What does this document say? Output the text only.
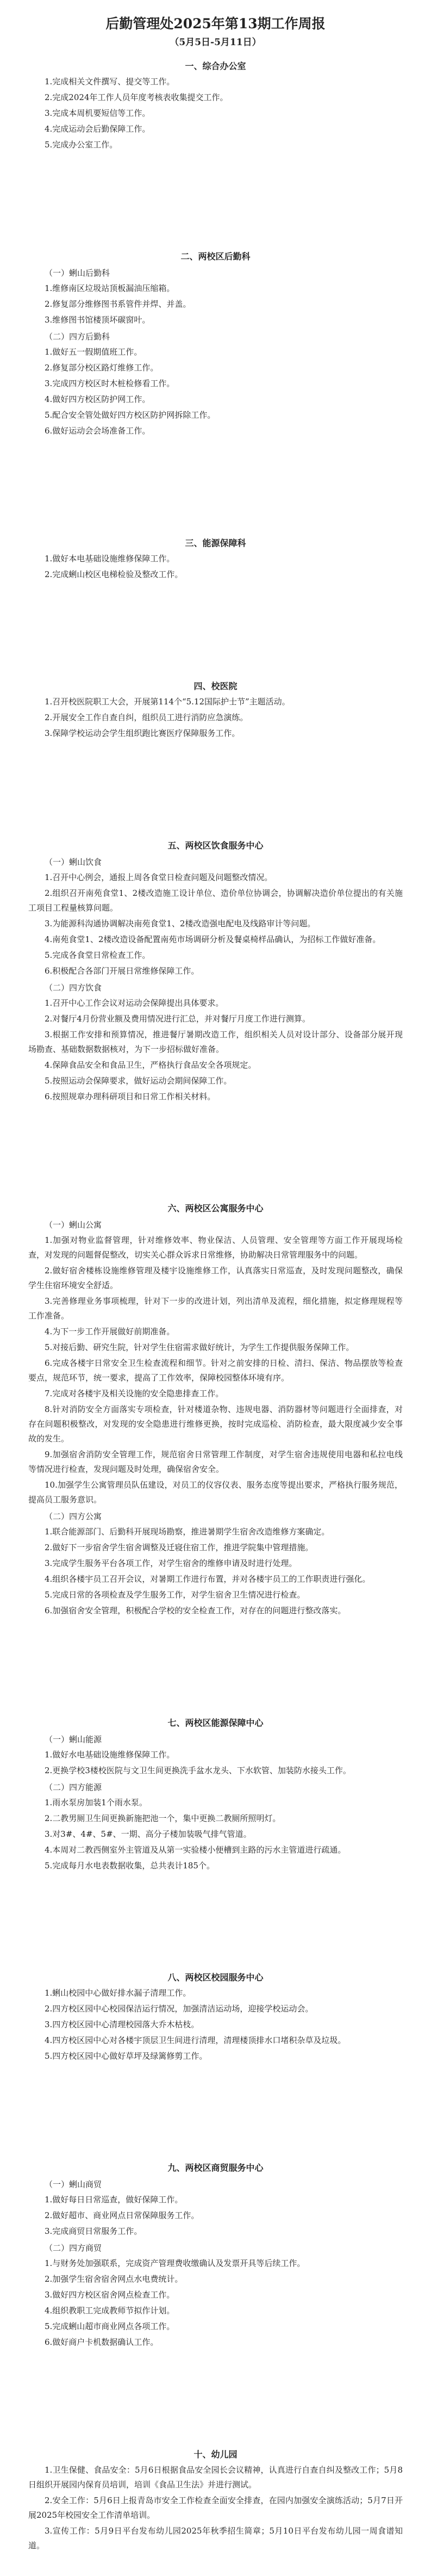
后勤管理处2025年第13期工作周报
（5月5日-5月11日）
一、综合办公室

1.完成相关文件撰写、提交等工作。

2.完成2024年工作人员年度考核表收集提交工作。

3.完成本周机要短信等工作。

4.完成运动会后勤保障工作。

5.完成办公室工作。

二、两校区后勤科
（一）蜊山后勤科

1.维修南区垃圾站顶板漏油压缩箱。

2.修复部分维修图书系管件并焊、并盖。

3.维修图书馆楼顶坏碳窗叶。

（二）四方后勤科

1.做好五一假期值班工作。

2.修复部分校区路灯维修工作。

3.完成四方校区时木桩检修看工作。

4.做好四方校区防护网工作。

5.配合安全管处做好四方校区防护网拆除工作。

6.做好运动会会场准备工作。

三、能源保障科

1.做好本电基础设施维修保障工作。

2.完成蜊山校区电梯检验及整改工作。

四、校医院

1.召开校医院职工大会，开展第114个“5.12国际护士节”主题活动。

2.开展安全工作自查自纠，组织员工进行消防应急演练。

3.保障学校运动会学生组织跑比赛医疗保障服务工作。

五、两校区饮食服务中心
（一）蜊山饮食

1.召开中心例会，通报上周各食堂日检查问题及问题整改情况。

2.组织召开南苑食堂1、2楼改造施工设计单位、造价单位协调会，协调解决造价单位提出的有关施工项目工程量核算问题。

3.为能源科沟通协调解决南苑食堂1、2楼改造强电配电及线路审计等问题。

4.南苑食堂1、2楼改造设备配置南苑市场调研分析及餐桌椅样品确认，为招标工作做好准备。

5.完成各食堂日常检查工作。

6.积极配合各部门开展日常维修保障工作。

（二）四方饮食

1.召开中心工作会议对运动会保障提出具体要求。

2.对餐厅4月份营业额及费用情况进行汇总，并对餐厅月度工作进行测算。

3.根据工作安排和预算情况，推进餐厅暑期改造工作，组织相关人员对设计部分、设备部分展开现场勘查、基础数据数据核对，为下一步招标做好准备。

4.保障食品安全和食品卫生，严格执行食品安全各项规定。

5.按照运动会保障要求，做好运动会期间保障工作。

6.按照规章办理科研项目和日常工作相关材料。

六、两校区公寓服务中心
（一）蜊山公寓

1.加强对物业监督管理，针对维修效率、物业保洁、人员管理、安全管理等方面工作开展现场检查，对发现的问题督促整改，切实关心群众诉求日常维修，协助解决日常管理服务中的问题。

2.做好宿舍楼栋设施维修管理及楼宇设施维修工作，认真落实日常巡查，及时发现问题整改，确保学生住宿环境安全舒适。

3.完善修理业务事项梳理，针对下一步的改进计划，列出清单及流程，细化措施，拟定修理规程等工作准备。

4.为下一步工作开展做好前期准备。

5.对接后勤、研究生院，针对学生住宿需求做好统计，为学生工作提供服务保障工作。

6.完成各楼宇日常安全卫生检查流程和细节。针对之前安排的日检、清扫、保洁、物品摆放等检查要点，规范环节，统一要求，提高了工作效率，保障校园整体环境有序。

7.完成对各楼宇及相关设施的安全隐患排查工作。

8.针对消防安全方面落实专项检查，针对楼道杂物、违规电器、消防器材等问题进行全面排查，对存在问题积极整改，对发现的安全隐患进行维修更换，按时完成巡检、消防检查，最大限度减少安全事故的发生。

9.加强宿舍消防安全管理工作，规范宿舍日常管理工作制度，对学生宿舍违规使用电器和私拉电线等情况进行检查，发现问题及时处理，确保宿舍安全。

10.加强学生公寓管理员队伍建设，对员工的仪容仪表、服务态度等提出要求，严格执行服务规范，提高员工服务意识。

（二）四方公寓

1.联合能源部门、后勤科开展现场勘察，推进暑期学生宿舍改造维修方案确定。

2.做好下一步宿舍学生宿舍调整及迁寝住宿工作，推进学院集中管理措施。

3.完成学生服务平台各项工作，对学生宿舍的维修申请及时进行处理。

4.组织各楼宇员工召开会议，对暑期工作进行布置，并对各楼宇员工的工作职责进行强化。

5.完成日常的各项检查及学生服务工作，对学生宿舍卫生情况进行检查。

6.加强宿舍安全管理，积极配合学校的安全检查工作，对存在的问题进行整改落实。

七、两校区能源保障中心
（一）蜊山能源

1.做好水电基础设施维修保障工作。

2.更换学校3楼校医院与文卫生间更换洗手盆水龙头、下水软管、加装防水接头工作。

（二）四方能源

1.雨水泵房加装1个雨水泵。

2.二教男厕卫生间更换新施把池一个，集中更换二教厕所照明灯。

3.对3#、4#、5#、一期、高分子楼加装吸气排气管道。

4.本周对二教西侧室外主管道及从第一实验楼小便槽到主路的污水主管道进行疏通。

5.完成每月水电表数据收集，总共表计185个。

八、两校区校园服务中心

1.蜊山校园中心做好排水漏子清理工作。

2.四方校区园中心校园保洁运行情况，加强清洁运动场，迎接学校运动会。

3.四方校区园中心清理校园落大乔木枯枝。

4.四方校区园中心对各楼宇顶层卫生间进行清理，清理楼顶排水口堵积杂草及垃圾。

5.四方校区园中心做好草坪及绿篱修剪工作。

九、两校区商贸服务中心
（一）蜊山商贸

1.做好每日日常巡查，做好保障工作。

2.做好超市、商业网点日常保障服务工作。

3.完成商贸日常服务工作。

（二）四方商贸

1.与财务处加强联系，完成资产管理费收缴确认及发票开具等后续工作。

2.加强学生宿舍宿舍网点水电费统计。

3.做好四方校区宿舍网点检查工作。

4.组织教职工完成教师节拟作计划。

5.完成蜊山超市商业网点各项工作。

6.做好商户卡机数据确认工作。

十、幼儿园

1.卫生保健、食品安全：5月6日根据食品安全园长会议精神，认真进行自查自纠及整改工作；5月8日组织开展园内保育员培训，培训《食品卫生法》并进行测试。

2.安全工作：5月6日上报青岛市安全工作检查全面安全排查，在园内加强安全演练活动；5月7日开展2025年校园安全工作清单培训。

3.宣传工作：5月9日平台发布幼儿园2025年秋季招生简章；5月10日平台发布幼儿园一周食谱知道。
